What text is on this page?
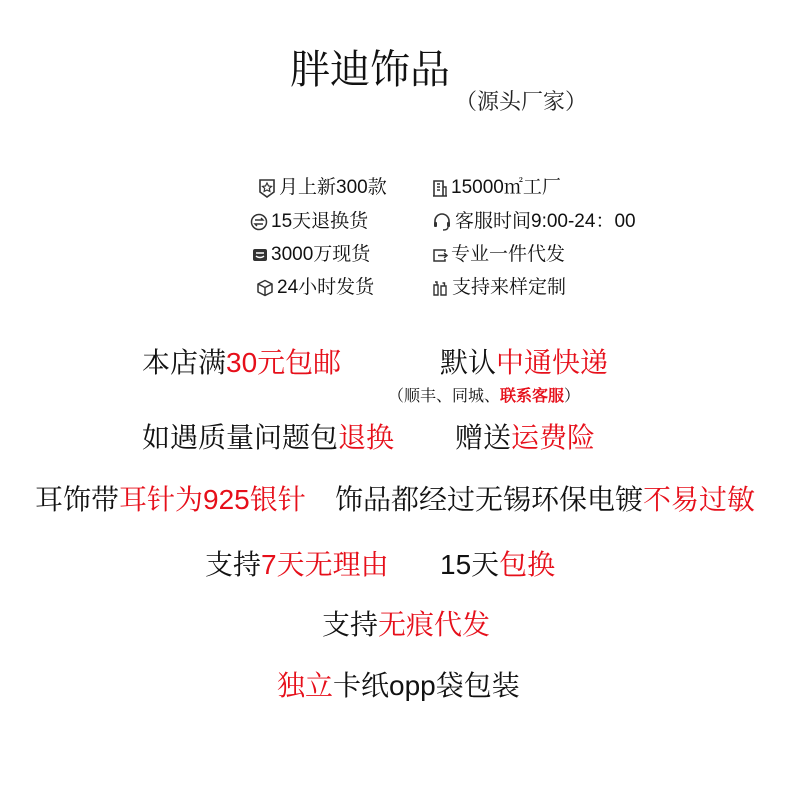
胖迪饰品
（源头厂家）
月上新300款	15000㎡工厂
15天退换货	客服时间9:00-24：00
3000万现货	专业一件代发
24小时发货	支持来样定制
本店满30元包邮	默认中通快递
（顺丰、同城、联系客服）
如遇质量问题包退换 赠送运费险
耳饰带耳针为925银针 饰品都经过无锡环保电镀不易过敏
支持7天无理由 15天包换
支持无痕代发
独立卡纸opp袋包装
